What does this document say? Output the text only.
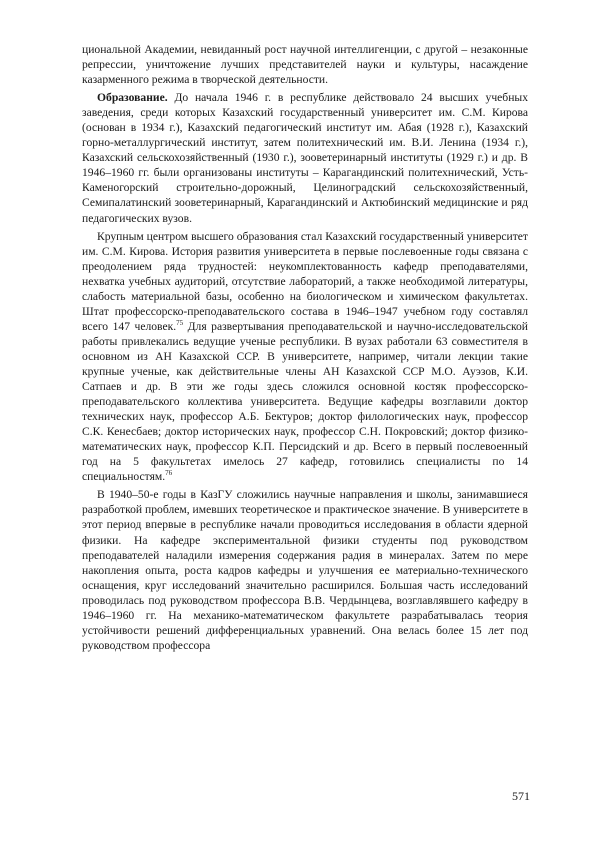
циональной Академии, невиданный рост научной интеллигенции, с другой – незаконные репрессии, уничтожение лучших представителей науки и культуры, насаждение казарменного режима в творческой деятельности.

Образование. До начала 1946 г. в республике действовало 24 высших учебных заведения, среди которых Казахский государственный университет им. С.М. Кирова (основан в 1934 г.), Казахский педагогический институт им. Абая (1928 г.), Казахский горно-металлургический институт, затем политехнический им. В.И. Ленина (1934 г.), Казахский сельскохозяйственный (1930 г.), зооветеринарный институты (1929 г.) и др. В 1946–1960 гг. были организованы институты – Карагандинский политехнический, Усть-Каменогорский строительно-дорожный, Целиноградский сельскохозяйственный, Семипалатинский зооветеринарный, Карагандинский и Актюбинский медицинские и ряд педагогических вузов.

Крупным центром высшего образования стал Казахский государственный университет им. С.М. Кирова. История развития университета в первые послевоенные годы связана с преодолением ряда трудностей: неукомплектованность кафедр преподавателями, нехватка учебных аудиторий, отсутствие лабораторий, а также необходимой литературы, слабость материальной базы, особенно на биологическом и химическом факультетах. Штат профессорско-преподавательского состава в 1946–1947 учебном году составлял всего 147 человек.$^{75}$ Для развертывания преподавательской и научно-исследовательской работы привлекались ведущие ученые республики. В вузах работали 63 совместителя в основном из АН Казахской ССР. В университете, например, читали лекции такие крупные ученые, как действительные члены АН Казахской ССР М.О. Ауэзов, К.И. Сатпаев и др. В эти же годы здесь сложился основной костяк профессорско-преподавательского коллектива университета. Ведущие кафедры возглавили доктор технических наук, профессор А.Б. Бектуров; доктор филологических наук, профессор С.К. Кенесбаев; доктор исторических наук, профессор С.Н. Покровский; доктор физико-математических наук, профессор К.П. Персидский и др. Всего в первый послевоенный год на 5 факультетах имелось 27 кафедр, готовились специалисты по 14 специальностям.$^{76}$

В 1940–50-е годы в КазГУ сложились научные направления и школы, занимавшиеся разработкой проблем, имевших теоретическое и практическое значение. В университете в этот период впервые в республике начали проводиться исследования в области ядерной физики. На кафедре экспериментальной физики студенты под руководством преподавателей наладили измерения содержания радия в минералах. Затем по мере накопления опыта, роста кадров кафедры и улучшения ее материально-технического оснащения, круг исследований значительно расширился. Большая часть исследований проводилась под руководством профессора В.В. Чердынцева, возглавлявшего кафедру в 1946–1960 гг. На механико-математическом факультете разрабатывалась теория устойчивости решений дифференциальных уравнений. Она велась более 15 лет под руководством профессора

571
